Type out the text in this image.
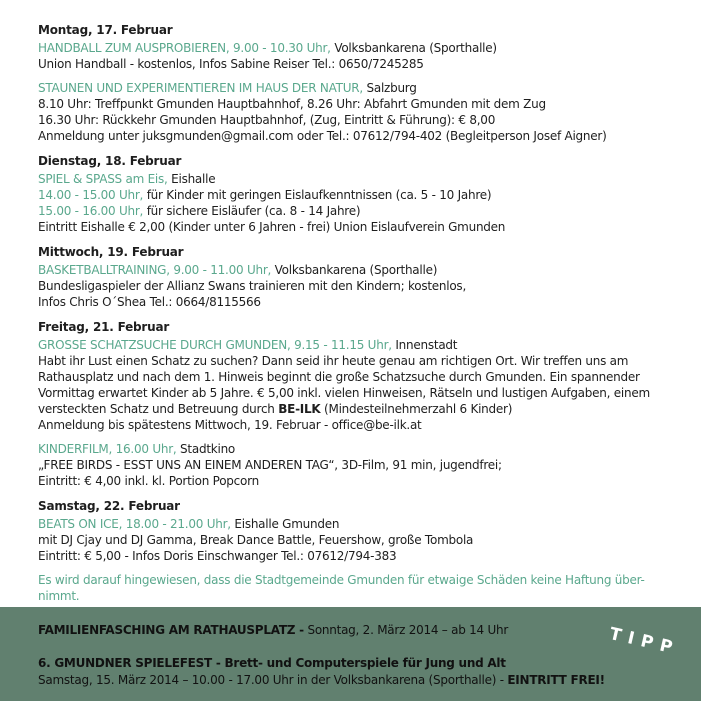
Montag, 17. Februar

HANDBALL ZUM AUSPROBIEREN, 9.00 - 10.30 Uhr, Volksbankarena (Sporthalle)

Union Handball - kostenlos, Infos Sabine Reiser Tel.: 0650/7245285

STAUNEN UND EXPERIMENTIEREN IM HAUS DER NATUR, Salzburg

8.10 Uhr: Treffpunkt Gmunden Hauptbahnhof, 8.26 Uhr: Abfahrt Gmunden mit dem Zug

16.30 Uhr: Rückkehr Gmunden Hauptbahnhof, (Zug, Eintritt & Führung): € 8,00

Anmeldung unter juksgmunden@gmail.com oder Tel.: 07612/794-402 (Begleitperson Josef Aigner)

Dienstag, 18. Februar

SPIEL & SPASS am Eis, Eishalle

14.00 - 15.00 Uhr, für Kinder mit geringen Eislaufkenntnissen (ca. 5 - 10 Jahre)

15.00 - 16.00 Uhr, für sichere Eisläufer (ca. 8 - 14 Jahre)

Eintritt Eishalle € 2,00 (Kinder unter 6 Jahren - frei) Union Eislaufverein Gmunden

Mittwoch, 19. Februar

BASKETBALLTRAINING, 9.00 - 11.00 Uhr, Volksbankarena (Sporthalle)

Bundesligaspieler der Allianz Swans trainieren mit den Kindern; kostenlos,

Infos Chris O´Shea Tel.: 0664/8115566

Freitag, 21. Februar

GROSSE SCHATZSUCHE DURCH GMUNDEN, 9.15 - 11.15 Uhr, Innenstadt

Habt ihr Lust einen Schatz zu suchen? Dann seid ihr heute genau am richtigen Ort. Wir treffen uns am

Rathausplatz und nach dem 1. Hinweis beginnt die große Schatzsuche durch Gmunden. Ein spannender

Vormittag erwartet Kinder ab 5 Jahre. € 5,00 inkl. vielen Hinweisen, Rätseln und lustigen Aufgaben, einem

versteckten Schatz und Betreuung durch BE-ILK (Mindesteilnehmerzahl 6 Kinder)

Anmeldung bis spätestens Mittwoch, 19. Februar - office@be-ilk.at

KINDERFILM, 16.00 Uhr, Stadtkino

„FREE BIRDS - ESST UNS AN EINEM ANDEREN TAG“, 3D-Film, 91 min, jugendfrei;

Eintritt: € 4,00 inkl. kl. Portion Popcorn

Samstag, 22. Februar

BEATS ON ICE, 18.00 - 21.00 Uhr, Eishalle Gmunden

mit DJ Cjay und DJ Gamma, Break Dance Battle, Feuershow, große Tombola

Eintritt: € 5,00 - Infos Doris Einschwanger Tel.: 07612/794-383

Es wird darauf hingewiesen, dass die Stadtgemeinde Gmunden für etwaige Schäden keine Haftung über-

nimmt.

FAMILIENFASCHING AM RATHAUSPLATZ - Sonntag, 2. März 2014 – ab 14 Uhr

6. GMUNDNER SPIELEFEST - Brett- und Computerspiele für Jung und Alt

Samstag, 15. März 2014 – 10.00 - 17.00 Uhr in der Volksbankarena (Sporthalle) - EINTRITT FREI!

TIPP
